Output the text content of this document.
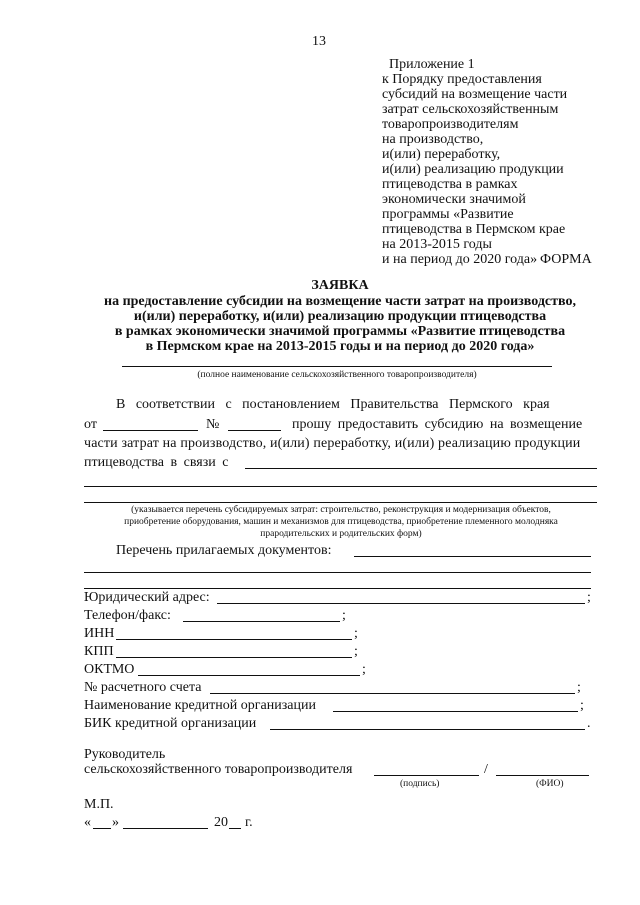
13
Приложение 1
к Порядку предоставления
субсидий на возмещение части
затрат сельскохозяйственным
товаропроизводителям
на производство,
и(или) переработку,
и(или) реализацию продукции
птицеводства в рамках
экономически значимой
программы «Развитие
птицеводства в Пермском крае
на 2013-2015 годы
и на период до 2020 года» ФОРМА
ЗАЯВКА
на предоставление субсидии на возмещение части затрат на производство,
и(или) переработку, и(или) реализацию продукции птицеводства
в рамках экономически значимой программы «Развитие птицеводства
в Пермском крае на 2013-2015 годы и на период до 2020 года»
(полное наименование сельскохозяйственного товаропроизводителя)
В соответствии с постановлением Правительства Пермского края
от	№	прошу предоставить субсидию на возмещение
части затрат на производство, и(или) переработку, и(или) реализацию продукции
птицеводства в связи с
(указывается перечень субсидируемых затрат: строительство, реконструкция и модернизация объектов,
приобретение оборудования, машин и механизмов для птицеводства, приобретение племенного молодняка
прародительских и родительских форм)
Перечень прилагаемых документов:
Юридический адрес:	;
Телефон/факс:	;
ИНН	;
КПП	;
ОКТМО	;
№ расчетного счета	;
Наименование кредитной организации	;
БИК кредитной организации	.
Руководитель
сельскохозяйственного товаропроизводителя	/
(подпись)	(ФИО)
М.П.
« »	20 г.
